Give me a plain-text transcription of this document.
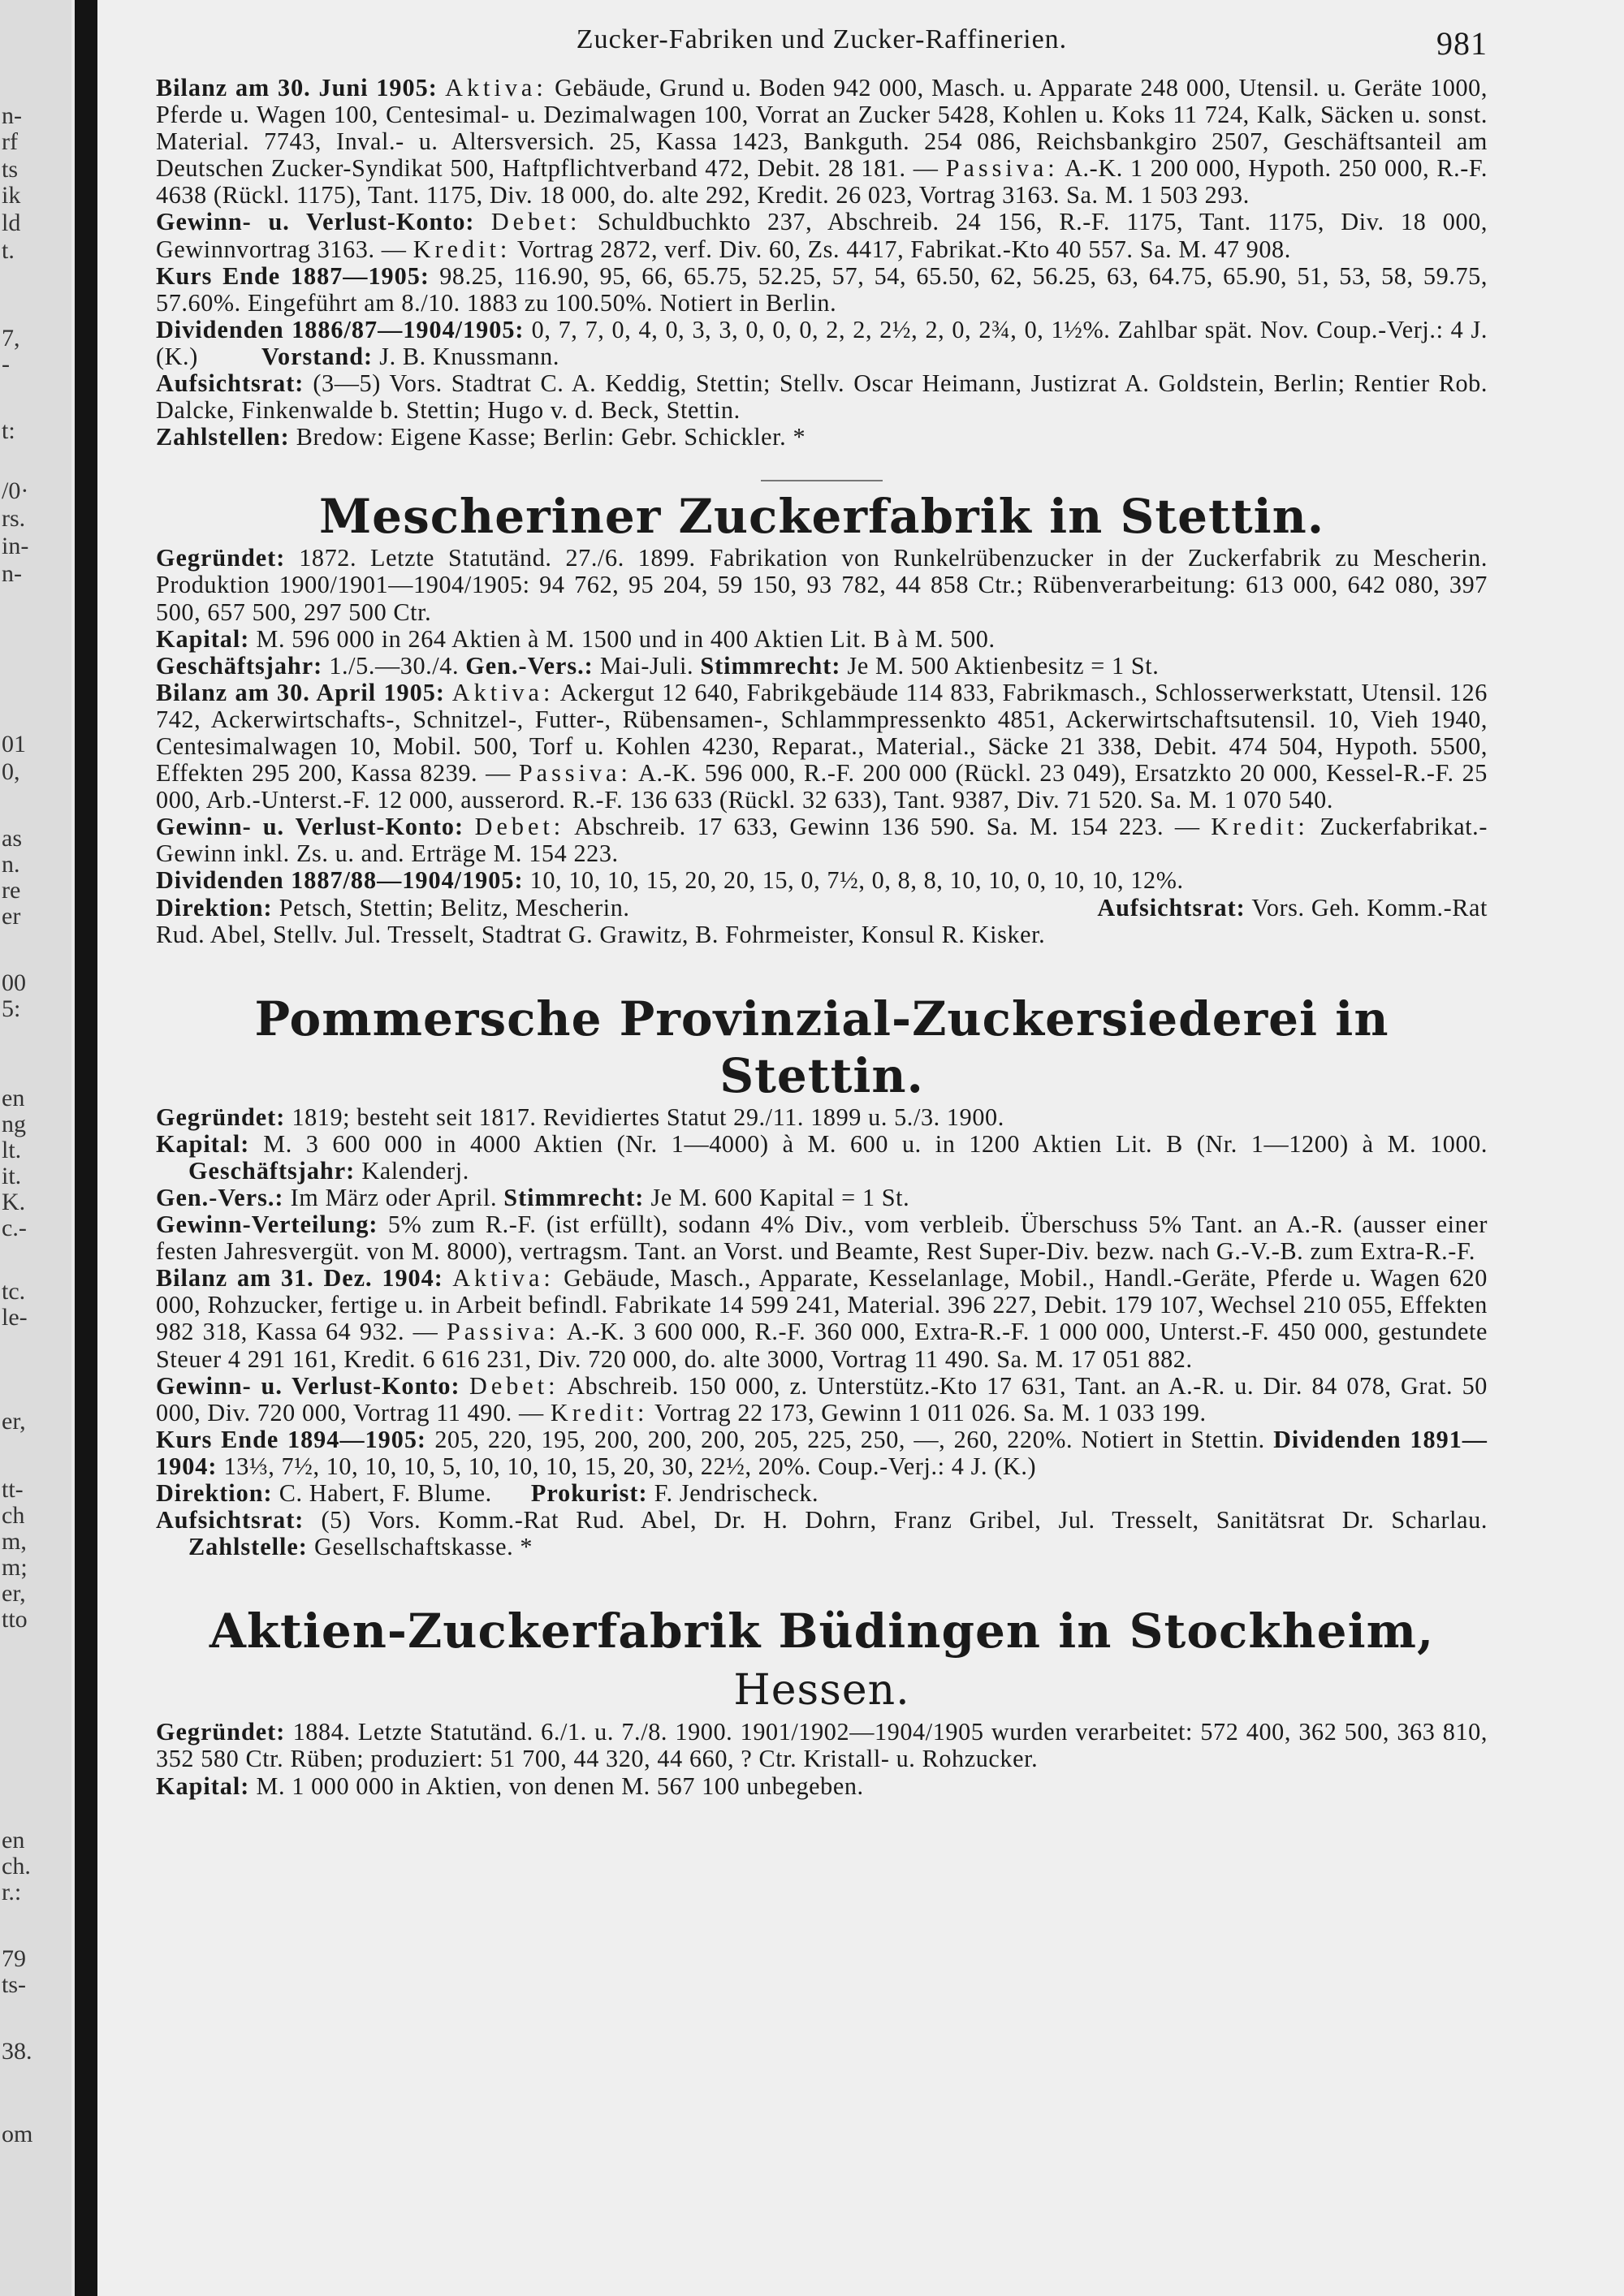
n-
rf
ts
ik
ld
t.
7,
-
t:
/0·
rs.
in-
n-
01
0,
as
n.
re
er
00
5:
en
ng
lt.
it.
K.
c.-
tc.
le-
er,
tt-
ch
m,
m;
er,
tto
en
ch.
r.:
79
ts-
38.
om
Zucker-Fabriken und Zucker-Raffinerien.	981

Bilanz am 30. Juni 1905: Aktiva: Gebäude, Grund u. Boden 942 000, Masch. u. Apparate 248 000, Utensil. u. Geräte 1000, Pferde u. Wagen 100, Centesimal- u. Dezimalwagen 100, Vorrat an Zucker 5428, Kohlen u. Koks 11 724, Kalk, Säcken u. sonst. Material. 7743, Inval.- u. Altersversich. 25, Kassa 1423, Bankguth. 254 086, Reichsbankgiro 2507, Geschäftsanteil am Deutschen Zucker-Syndikat 500, Haftpflichtverband 472, Debit. 28 181. — Passiva: A.-K. 1 200 000, Hypoth. 250 000, R.-F. 4638 (Rückl. 1175), Tant. 1175, Div. 18 000, do. alte 292, Kredit. 26 023, Vortrag 3163. Sa. M. 1 503 293.

Gewinn- u. Verlust-Konto: Debet: Schuldbuchkto 237, Abschreib. 24 156, R.-F. 1175, Tant. 1175, Div. 18 000, Gewinnvortrag 3163. — Kredit: Vortrag 2872, verf. Div. 60, Zs. 4417, Fabrikat.-Kto 40 557. Sa. M. 47 908.

Kurs Ende 1887—1905: 98.25, 116.90, 95, 66, 65.75, 52.25, 57, 54, 65.50, 62, 56.25, 63, 64.75, 65.90, 51, 53, 58, 59.75, 57.60%. Eingeführt am 8./10. 1883 zu 100.50%. Notiert in Berlin.

Dividenden 1886/87—1904/1905: 0, 7, 7, 0, 4, 0, 3, 3, 0, 0, 0, 2, 2, 2½, 2, 0, 2¾, 0, 1½%. Zahlbar spät. Nov. Coup.-Verj.: 4 J. (K.)	Vorstand: J. B. Knussmann.

Aufsichtsrat: (3—5) Vors. Stadtrat C. A. Keddig, Stettin; Stellv. Oscar Heimann, Justizrat A. Goldstein, Berlin; Rentier Rob. Dalcke, Finkenwalde b. Stettin; Hugo v. d. Beck, Stettin.

Zahlstellen: Bredow: Eigene Kasse; Berlin: Gebr. Schickler. *

Mescheriner Zuckerfabrik in Stettin.

Gegründet: 1872. Letzte Statutänd. 27./6. 1899. Fabrikation von Runkelrübenzucker in der Zuckerfabrik zu Mescherin. Produktion 1900/1901—1904/1905: 94 762, 95 204, 59 150, 93 782, 44 858 Ctr.; Rübenverarbeitung: 613 000, 642 080, 397 500, 657 500, 297 500 Ctr.

Kapital: M. 596 000 in 264 Aktien à M. 1500 und in 400 Aktien Lit. B à M. 500.

Geschäftsjahr: 1./5.—30./4. Gen.-Vers.: Mai-Juli. Stimmrecht: Je M. 500 Aktienbesitz = 1 St.

Bilanz am 30. April 1905: Aktiva: Ackergut 12 640, Fabrikgebäude 114 833, Fabrikmasch., Schlosserwerkstatt, Utensil. 126 742, Ackerwirtschafts-, Schnitzel-, Futter-, Rübensamen-, Schlammpressenkto 4851, Ackerwirtschaftsutensil. 10, Vieh 1940, Centesimalwagen 10, Mobil. 500, Torf u. Kohlen 4230, Reparat., Material., Säcke 21 338, Debit. 474 504, Hypoth. 5500, Effekten 295 200, Kassa 8239. — Passiva: A.-K. 596 000, R.-F. 200 000 (Rückl. 23 049), Ersatzkto 20 000, Kessel-R.-F. 25 000, Arb.-Unterst.-F. 12 000, ausserord. R.-F. 136 633 (Rückl. 32 633), Tant. 9387, Div. 71 520. Sa. M. 1 070 540.

Gewinn- u. Verlust-Konto: Debet: Abschreib. 17 633, Gewinn 136 590. Sa. M. 154 223. — Kredit: Zuckerfabrikat.-Gewinn inkl. Zs. u. and. Erträge M. 154 223.

Dividenden 1887/88—1904/1905: 10, 10, 10, 15, 20, 20, 15, 0, 7½, 0, 8, 8, 10, 10, 0, 10, 10, 12%.

Direktion: Petsch, Stettin; Belitz, Mescherin.	Aufsichtsrat: Vors. Geh. Komm.-Rat

Rud. Abel, Stellv. Jul. Tresselt, Stadtrat G. Grawitz, B. Fohrmeister, Konsul R. Kisker.

Pommersche Provinzial-Zuckersiederei in Stettin.

Gegründet: 1819; besteht seit 1817. Revidiertes Statut 29./11. 1899 u. 5./3. 1900.

Kapital: M. 3 600 000 in 4000 Aktien (Nr. 1—4000) à M. 600 u. in 1200 Aktien Lit. B (Nr. 1—1200) à M. 1000. Geschäftsjahr: Kalenderj.

Gen.-Vers.: Im März oder April. Stimmrecht: Je M. 600 Kapital = 1 St.

Gewinn-Verteilung: 5% zum R.-F. (ist erfüllt), sodann 4% Div., vom verbleib. Überschuss 5% Tant. an A.-R. (ausser einer festen Jahresvergüt. von M. 8000), vertragsm. Tant. an Vorst. und Beamte, Rest Super-Div. bezw. nach G.-V.-B. zum Extra-R.-F.

Bilanz am 31. Dez. 1904: Aktiva: Gebäude, Masch., Apparate, Kesselanlage, Mobil., Handl.-Geräte, Pferde u. Wagen 620 000, Rohzucker, fertige u. in Arbeit befindl. Fabrikate 14 599 241, Material. 396 227, Debit. 179 107, Wechsel 210 055, Effekten 982 318, Kassa 64 932. — Passiva: A.-K. 3 600 000, R.-F. 360 000, Extra-R.-F. 1 000 000, Unterst.-F. 450 000, gestundete Steuer 4 291 161, Kredit. 6 616 231, Div. 720 000, do. alte 3000, Vortrag 11 490. Sa. M. 17 051 882.

Gewinn- u. Verlust-Konto: Debet: Abschreib. 150 000, z. Unterstütz.-Kto 17 631, Tant. an A.-R. u. Dir. 84 078, Grat. 50 000, Div. 720 000, Vortrag 11 490. — Kredit: Vortrag 22 173, Gewinn 1 011 026. Sa. M. 1 033 199.

Kurs Ende 1894—1905: 205, 220, 195, 200, 200, 200, 205, 225, 250, —, 260, 220%. Notiert in Stettin. Dividenden 1891—1904: 13⅓, 7½, 10, 10, 10, 5, 10, 10, 10, 15, 20, 30, 22½, 20%. Coup.-Verj.: 4 J. (K.)

Direktion: C. Habert, F. Blume. Prokurist: F. Jendrischeck.

Aufsichtsrat: (5) Vors. Komm.-Rat Rud. Abel, Dr. H. Dohrn, Franz Gribel, Jul. Tresselt, Sanitätsrat Dr. Scharlau. Zahlstelle: Gesellschaftskasse. *

Aktien-Zuckerfabrik Büdingen in Stockheim, Hessen.

Gegründet: 1884. Letzte Statutänd. 6./1. u. 7./8. 1900. 1901/1902—1904/1905 wurden verarbeitet: 572 400, 362 500, 363 810, 352 580 Ctr. Rüben; produziert: 51 700, 44 320, 44 660, ? Ctr. Kristall- u. Rohzucker.

Kapital: M. 1 000 000 in Aktien, von denen M. 567 100 unbegeben.
